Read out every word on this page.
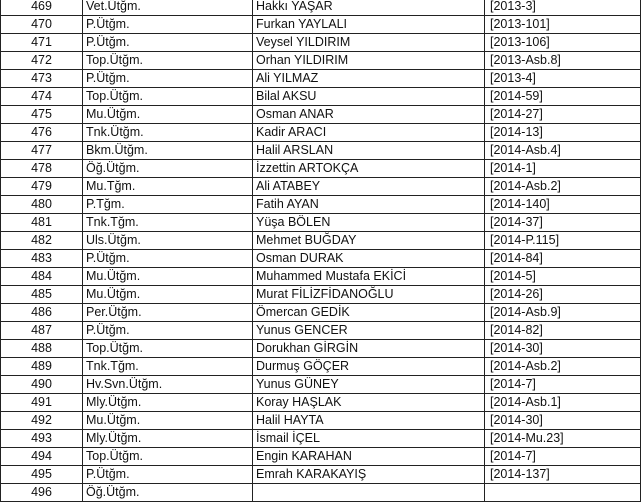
469	Vet.Ütğm.	Hakkı YAŞAR	[2013-3]
470	P.Ütğm.	Furkan YAYLALI	[2013-101]
471	P.Ütğm.	Veysel YILDIRIM	[2013-106]
472	Top.Ütğm.	Orhan YILDIRIM	[2013-Asb.8]
473	P.Ütğm.	Ali YILMAZ	[2013-4]
474	Top.Ütğm.	Bilal AKSU	[2014-59]
475	Mu.Ütğm.	Osman ANAR	[2014-27]
476	Tnk.Ütğm.	Kadir ARACI	[2014-13]
477	Bkm.Ütğm.	Halil ARSLAN	[2014-Asb.4]
478	Öğ.Ütğm.	İzzettin ARTOKÇA	[2014-1]
479	Mu.Tğm.	Ali ATABEY	[2014-Asb.2]
480	P.Tğm.	Fatih AYAN	[2014-140]
481	Tnk.Tğm.	Yüşa BÖLEN	[2014-37]
482	Uls.Ütğm.	Mehmet BUĞDAY	[2014-P.115]
483	P.Ütğm.	Osman DURAK	[2014-84]
484	Mu.Ütğm.	Muhammed Mustafa EKİCİ	[2014-5]
485	Mu.Ütğm.	Murat FİLİZFİDANOĞLU	[2014-26]
486	Per.Ütğm.	Ömercan GEDİK	[2014-Asb.9]
487	P.Ütğm.	Yunus GENCER	[2014-82]
488	Top.Ütğm.	Dorukhan GİRGİN	[2014-30]
489	Tnk.Tğm.	Durmuş GÖÇER	[2014-Asb.2]
490	Hv.Svn.Ütğm.	Yunus GÜNEY	[2014-7]
491	Mly.Ütğm.	Koray HAŞLAK	[2014-Asb.1]
492	Mu.Ütğm.	Halil HAYTA	[2014-30]
493	Mly.Ütğm.	İsmail İÇEL	[2014-Mu.23]
494	Top.Ütğm.	Engin KARAHAN	[2014-7]
495	P.Ütğm.	Emrah KARAKAYIŞ	[2014-137]
496	Öğ.Ütğm.		
